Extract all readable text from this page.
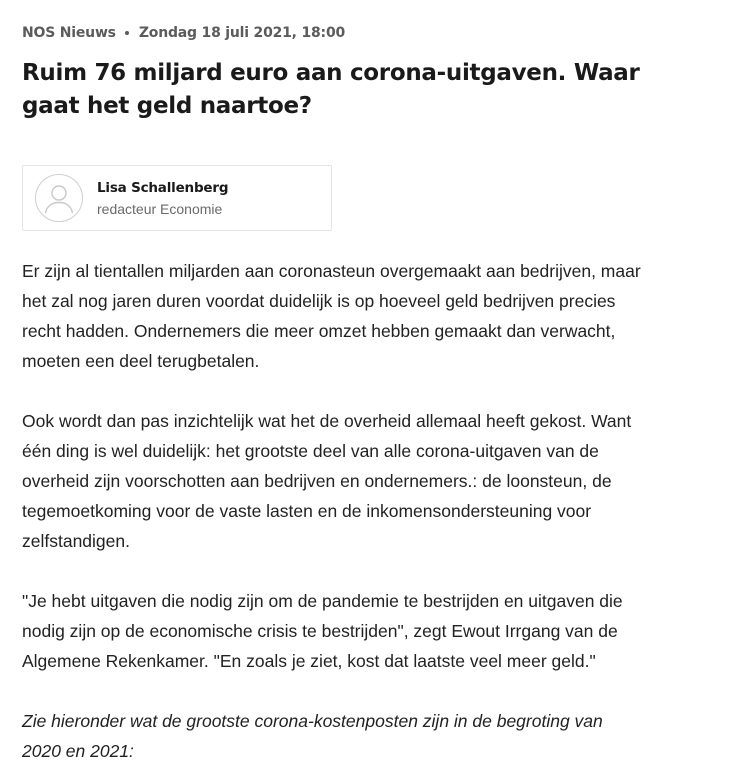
NOS Nieuws Zondag 18 juli 2021, 18:00
Ruim 76 miljard euro aan corona-uitgaven. Waar
gaat het geld naartoe?
Lisa Schallenberg
redacteur Economie

Er zijn al tientallen miljarden aan coronasteun overgemaakt aan bedrijven, maar
het zal nog jaren duren voordat duidelijk is op hoeveel geld bedrijven precies
recht hadden. Ondernemers die meer omzet hebben gemaakt dan verwacht,
moeten een deel terugbetalen.

Ook wordt dan pas inzichtelijk wat het de overheid allemaal heeft gekost. Want
één ding is wel duidelijk: het grootste deel van alle corona-uitgaven van de
overheid zijn voorschotten aan bedrijven en ondernemers.: de loonsteun, de
tegemoetkoming voor de vaste lasten en de inkomensondersteuning voor
zelfstandigen.

"Je hebt uitgaven die nodig zijn om de pandemie te bestrijden en uitgaven die
nodig zijn op de economische crisis te bestrijden", zegt Ewout Irrgang van de
Algemene Rekenkamer. "En zoals je ziet, kost dat laatste veel meer geld."

Zie hieronder wat de grootste corona-kostenposten zijn in de begroting van
2020 en 2021:
